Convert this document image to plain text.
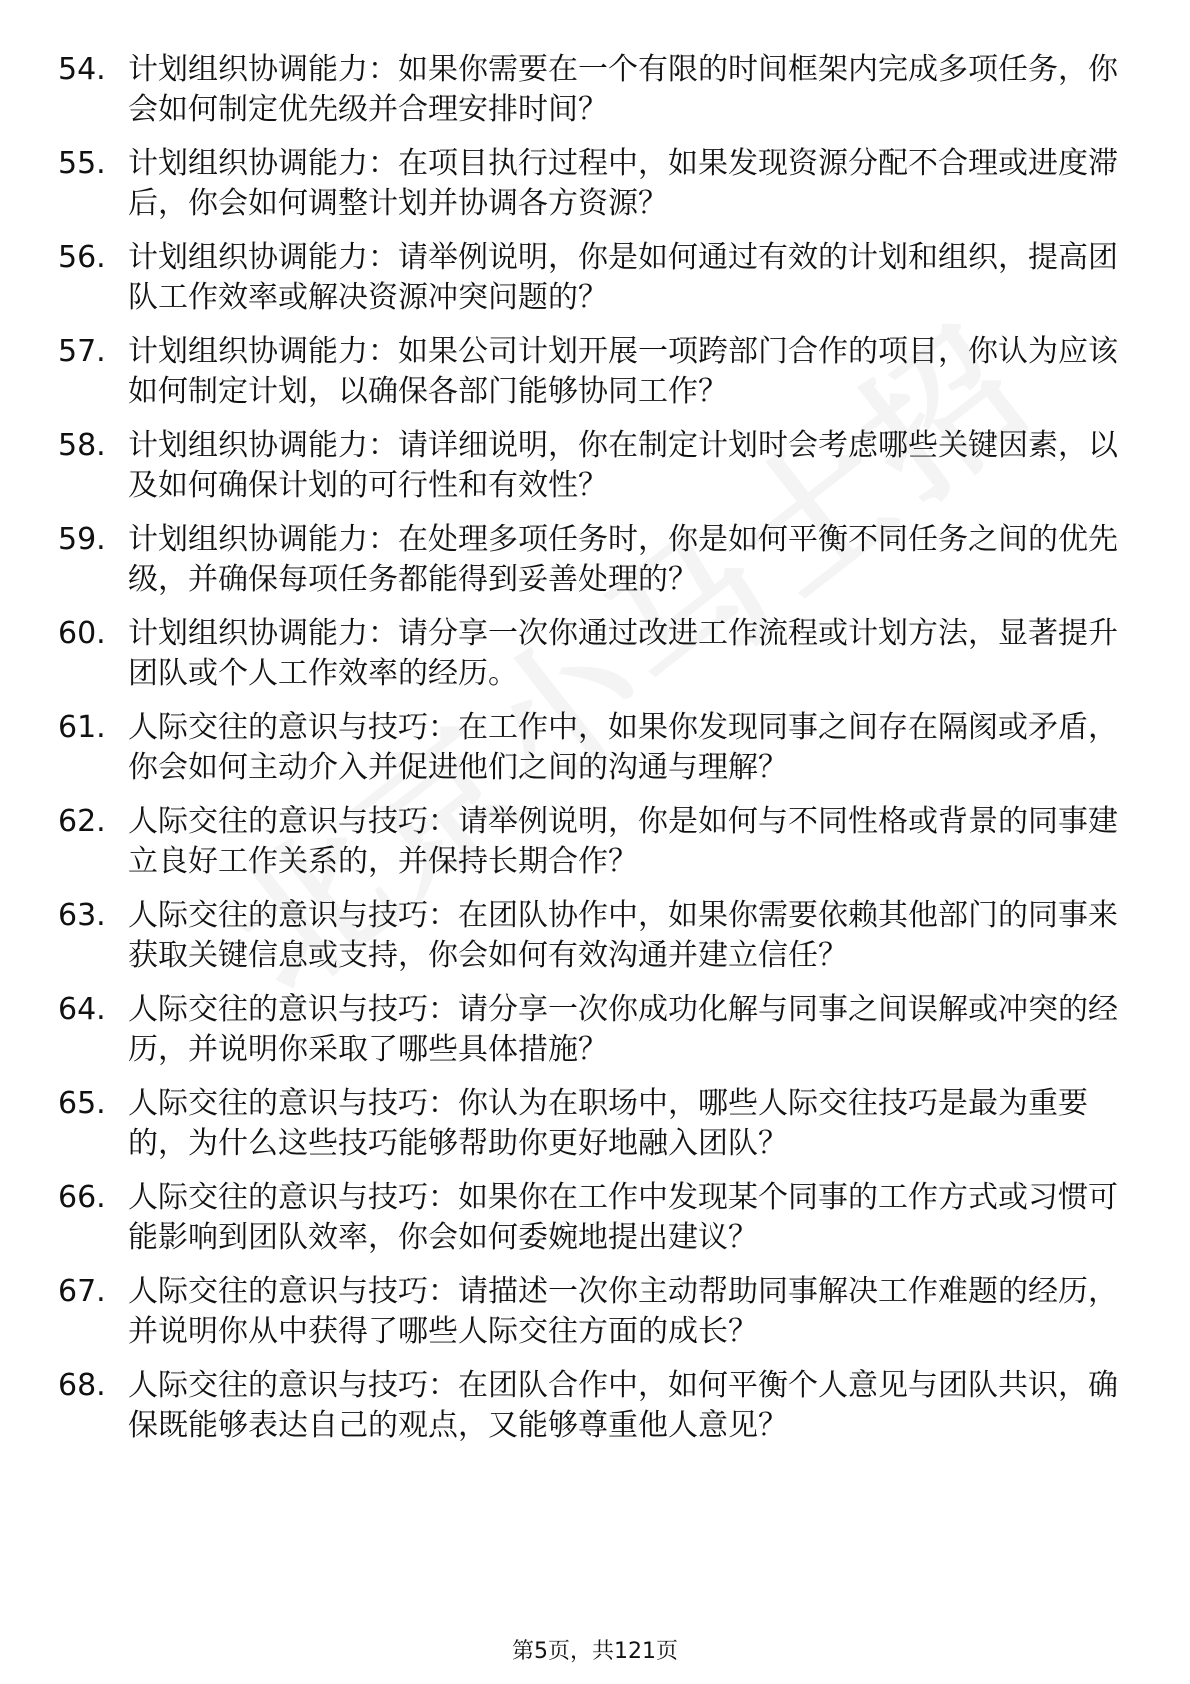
54. 计划组织协调能力：如果你需要在一个有限的时间框架内完成多项任务，你会如何制定优先级并合理安排时间？
55. 计划组织协调能力：在项目执行过程中，如果发现资源分配不合理或进度滞后，你会如何调整计划并协调各方资源？
56. 计划组织协调能力：请举例说明，你是如何通过有效的计划和组织，提高团队工作效率或解决资源冲突问题的？
57. 计划组织协调能力：如果公司计划开展一项跨部门合作的项目，你认为应该如何制定计划，以确保各部门能够协同工作？
58. 计划组织协调能力：请详细说明，你在制定计划时会考虑哪些关键因素，以及如何确保计划的可行性和有效性？
59. 计划组织协调能力：在处理多项任务时，你是如何平衡不同任务之间的优先级，并确保每项任务都能得到妥善处理的？
60. 计划组织协调能力：请分享一次你通过改进工作流程或计划方法，显著提升团队或个人工作效率的经历。
61. 人际交往的意识与技巧：在工作中，如果你发现同事之间存在隔阂或矛盾，你会如何主动介入并促进他们之间的沟通与理解？
62. 人际交往的意识与技巧：请举例说明，你是如何与不同性格或背景的同事建立良好工作关系的，并保持长期合作？
63. 人际交往的意识与技巧：在团队协作中，如果你需要依赖其他部门的同事来获取关键信息或支持，你会如何有效沟通并建立信任？
64. 人际交往的意识与技巧：请分享一次你成功化解与同事之间误解或冲突的经历，并说明你采取了哪些具体措施？
65. 人际交往的意识与技巧：你认为在职场中，哪些人际交往技巧是最为重要的，为什么这些技巧能够帮助你更好地融入团队？
66. 人际交往的意识与技巧：如果你在工作中发现某个同事的工作方式或习惯可能影响到团队效率，你会如何委婉地提出建议？
67. 人际交往的意识与技巧：请描述一次你主动帮助同事解决工作难题的经历，并说明你从中获得了哪些人际交往方面的成长？
68. 人际交往的意识与技巧：在团队合作中，如何平衡个人意见与团队共识，确保既能够表达自己的观点，又能够尊重他人意见？
第5页，共121页
